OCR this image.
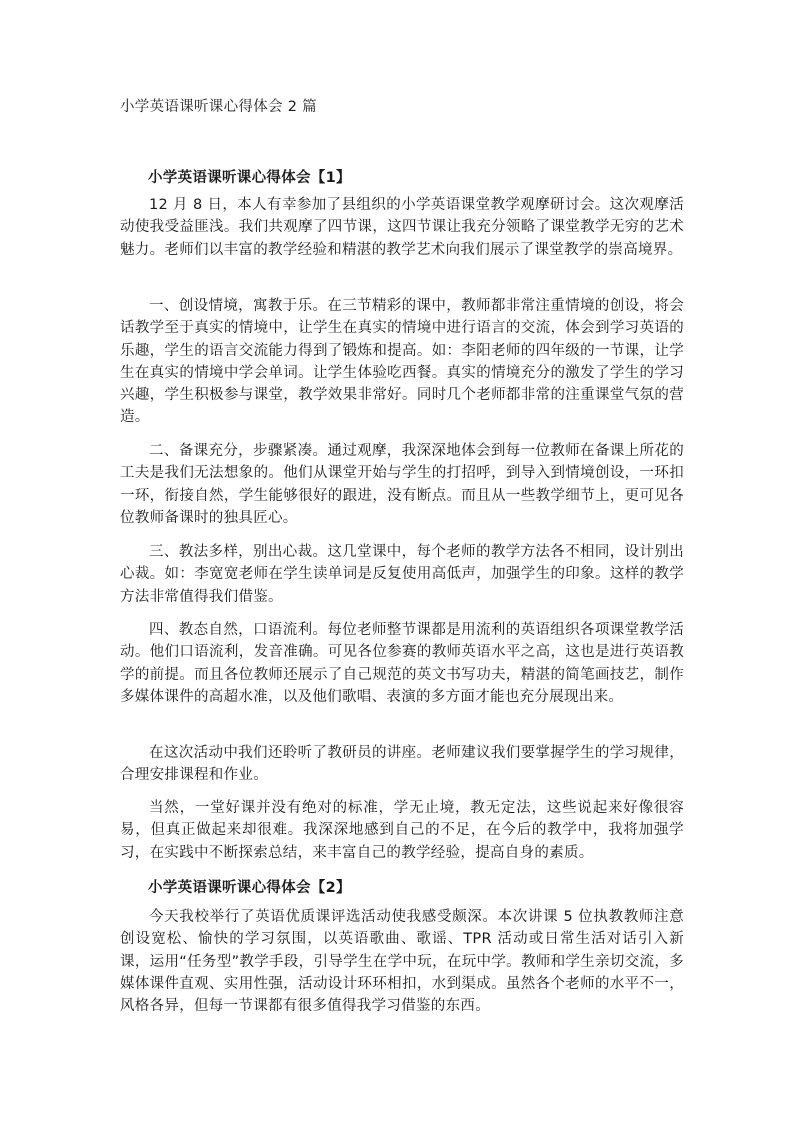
小学英语课听课心得体会 2 篇
小学英语课听课心得体会【1】

12 月 8 日，本人有幸参加了县组织的小学英语课堂教学观摩研讨会。这次观摩活动使我受益匪浅。我们共观摩了四节课，这四节课让我充分领略了课堂教学无穷的艺术魅力。老师们以丰富的教学经验和精湛的教学艺术向我们展示了课堂教学的崇高境界。

一、创设情境，寓教于乐。在三节精彩的课中，教师都非常注重情境的创设，将会话教学至于真实的情境中，让学生在真实的情境中进行语言的交流，体会到学习英语的乐趣，学生的语言交流能力得到了锻炼和提高。如：李阳老师的四年级的一节课，让学生在真实的情境中学会单词。让学生体验吃西餐。真实的情境充分的激发了学生的学习兴趣，学生积极参与课堂，教学效果非常好。同时几个老师都非常的注重课堂气氛的营造。

二、备课充分，步骤紧凑。通过观摩，我深深地体会到每一位教师在备课上所花的工夫是我们无法想象的。他们从课堂开始与学生的打招呼，到导入到情境创设，一环扣一环，衔接自然，学生能够很好的跟进，没有断点。而且从一些教学细节上，更可见各位教师备课时的独具匠心。

三、教法多样，别出心裁。这几堂课中，每个老师的教学方法各不相同，设计别出心裁。如：李宽宽老师在学生读单词是反复使用高低声，加强学生的印象。这样的教学方法非常值得我们借鉴。

四、教态自然，口语流利。每位老师整节课都是用流利的英语组织各项课堂教学活动。他们口语流利，发音准确。可见各位参赛的教师英语水平之高，这也是进行英语教学的前提。而且各位教师还展示了自己规范的英文书写功夫，精湛的简笔画技艺，制作多媒体课件的高超水准，以及他们歌唱、表演的多方面才能也充分展现出来。

在这次活动中我们还聆听了教研员的讲座。老师建议我们要掌握学生的学习规律，合理安排课程和作业。

当然，一堂好课并没有绝对的标准，学无止境，教无定法，这些说起来好像很容易，但真正做起来却很难。我深深地感到自己的不足，在今后的教学中，我将加强学习，在实践中不断探索总结，来丰富自己的教学经验，提高自身的素质。

小学英语课听课心得体会【2】

今天我校举行了英语优质课评选活动使我感受颇深。本次讲课 5 位执教教师注意创设宽松、愉快的学习氛围，以英语歌曲、歌谣、TPR 活动或日常生活对话引入新课，运用“任务型”教学手段，引导学生在学中玩，在玩中学。教师和学生亲切交流，多媒体课件直观、实用性强，活动设计环环相扣，水到渠成。虽然各个老师的水平不一，风格各异，但每一节课都有很多值得我学习借鉴的东西。
